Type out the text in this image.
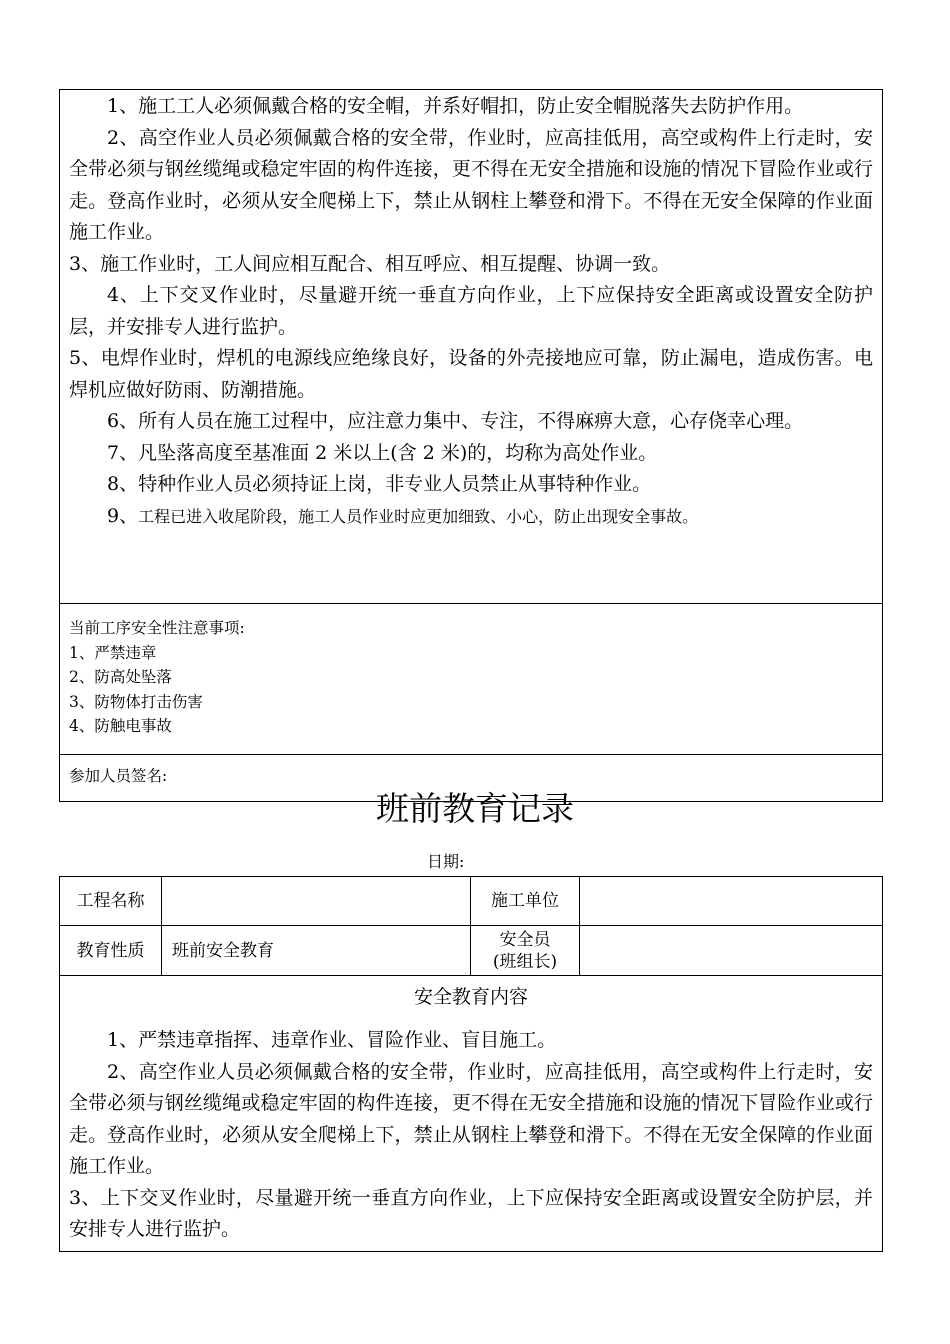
1、施工工人必须佩戴合格的安全帽，并系好帽扣，防止安全帽脱落失去防护作用。

2、高空作业人员必须佩戴合格的安全带，作业时，应高挂低用，高空或构件上行走时，安全带必须与钢丝缆绳或稳定牢固的构件连接，更不得在无安全措施和设施的情况下冒险作业或行走。登高作业时，必须从安全爬梯上下，禁止从钢柱上攀登和滑下。不得在无安全保障的作业面施工作业。

3、施工作业时，工人间应相互配合、相互呼应、相互提醒、协调一致。

4、上下交叉作业时，尽量避开统一垂直方向作业，上下应保持安全距离或设置安全防护层，并安排专人进行监护。

5、电焊作业时，焊机的电源线应绝缘良好，设备的外壳接地应可靠，防止漏电，造成伤害。电焊机应做好防雨、防潮措施。

6、所有人员在施工过程中，应注意力集中、专注，不得麻痹大意，心存侥幸心理。

7、凡坠落高度至基准面 2 米以上(含 2 米)的，均称为高处作业。

8、特种作业人员必须持证上岗，非专业人员禁止从事特种作业。

9、工程已进入收尾阶段，施工人员作业时应更加细致、小心，防止出现安全事故。

当前工序安全性注意事项:

1、严禁违章

2、防高处坠落

3、防物体打击伤害

4、防触电事故

参加人员签名:

班前教育记录
日期:
工程名称	施工单位
教育性质	班前安全教育
安全员
(班组长)
安全教育内容

1、严禁违章指挥、违章作业、冒险作业、盲目施工。

2、高空作业人员必须佩戴合格的安全带，作业时，应高挂低用，高空或构件上行走时，安全带必须与钢丝缆绳或稳定牢固的构件连接，更不得在无安全措施和设施的情况下冒险作业或行走。登高作业时，必须从安全爬梯上下，禁止从钢柱上攀登和滑下。不得在无安全保障的作业面施工作业。

3、上下交叉作业时，尽量避开统一垂直方向作业，上下应保持安全距离或设置安全防护层，并安排专人进行监护。
